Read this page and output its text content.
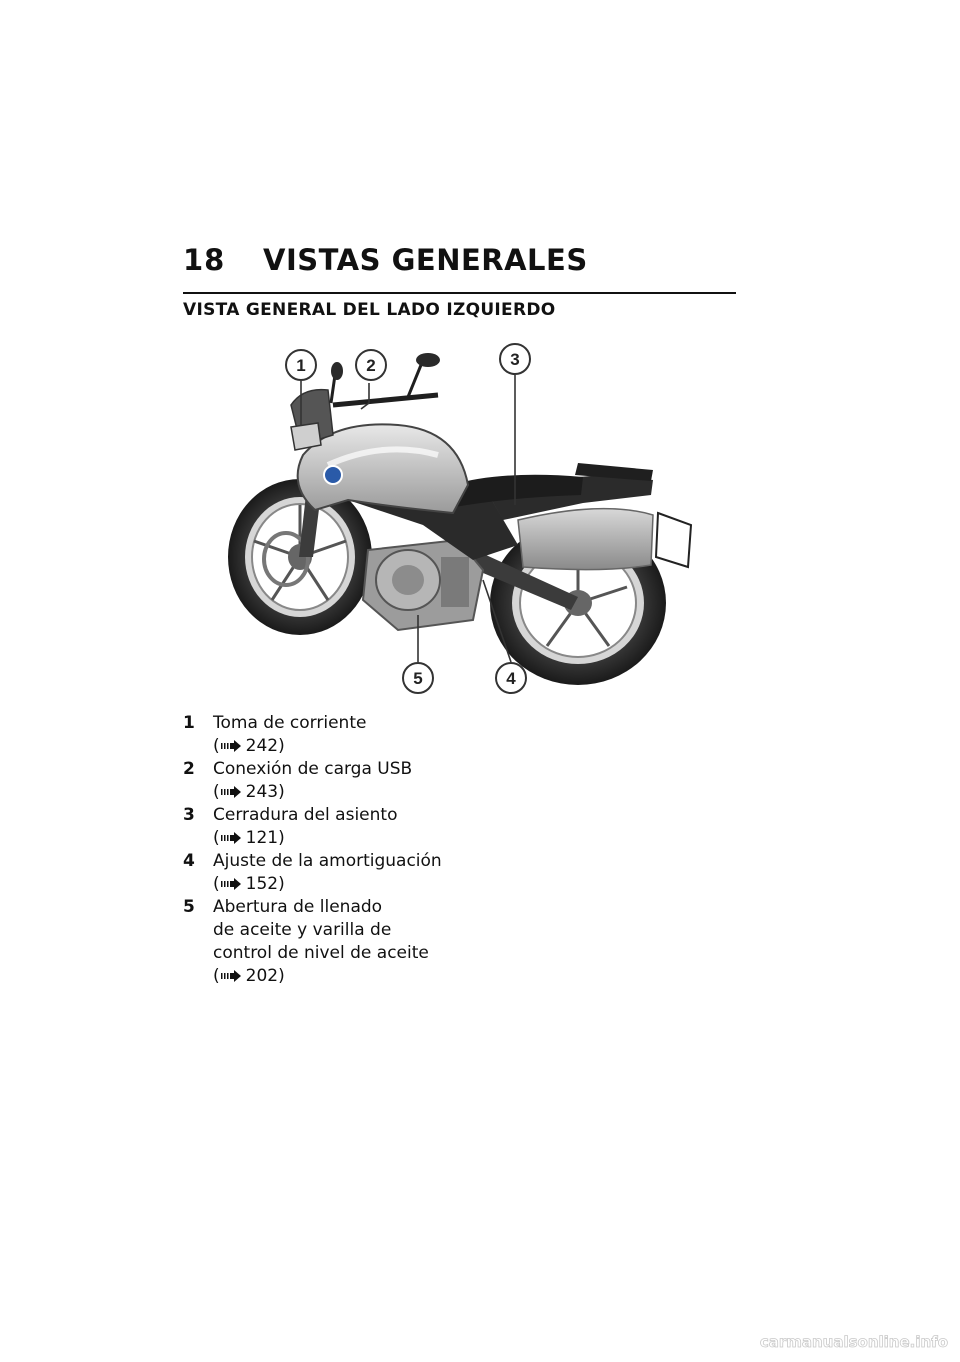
18 VISTAS GENERALES
VISTA GENERAL DEL LADO IZQUIERDO
1	2	3
4
5
1 Toma de corriente
( 242)
2 Conexión de carga USB
( 243)
3 Cerradura del asiento
( 121)
4 Ajuste de la amortiguación
( 152)
5 Abertura de llenado
de aceite y varilla de
control de nivel de aceite
( 202)
carmanualsonline.info
